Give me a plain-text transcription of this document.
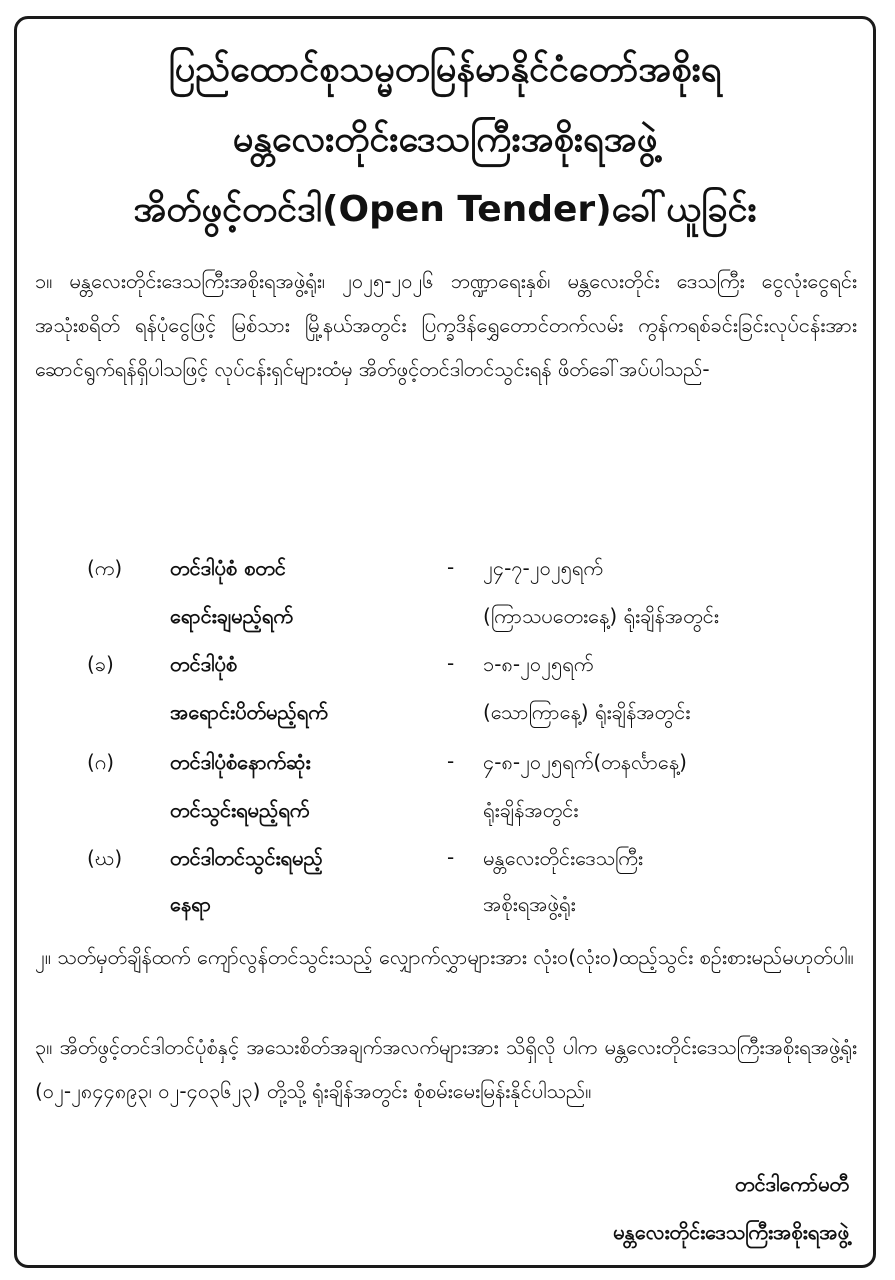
ပြည်ထောင်စုသမ္မတမြန်မာနိုင်ငံတော်အစိုးရ
မန္တလေးတိုင်းဒေသကြီးအစိုးရအဖွဲ့
အိတ်ဖွင့်တင်ဒါ(Open Tender)ခေါ်ယူခြင်း
၁။ မန္တလေးတိုင်းဒေသကြီးအစိုးရအဖွဲ့ရုံး၊ ၂၀၂၅-၂၀၂၆ ဘဏ္ဍာရေးနှစ်၊ မန္တလေးတိုင်း ဒေသကြီး ငွေလုံးငွေရင်းအသုံးစရိတ် ရန်ပုံငွေဖြင့် မြစ်သား မြို့နယ်အတွင်း ပြက္ခဒိန်ရွှေတောင်တက်လမ်း ကွန်ကရစ်ခင်းခြင်းလုပ်ငန်းအား ဆောင်ရွက်ရန်ရှိပါသဖြင့် လုပ်ငန်းရှင်များထံမှ အိတ်ဖွင့်တင်ဒါတင်သွင်းရန် ဖိတ်ခေါ်အပ်ပါသည်-
(က) တင်ဒါပုံစံ စတင်
ရောင်းချမည့်ရက်
- ၂၄-၇-၂၀၂၅ရက်
(ကြာသပတေးနေ့) ရုံးချိန်အတွင်း
(ခ)	တင်ဒါပုံစံ
အရောင်းပိတ်မည့်ရက်
- ၁-၈-၂၀၂၅ရက်
(သောကြာနေ့) ရုံးချိန်အတွင်း
(ဂ)	တင်ဒါပုံစံနောက်ဆုံး
တင်သွင်းရမည့်ရက်
- ၄-၈-၂၀၂၅ရက်(တနင်္လာနေ့)
ရုံးချိန်အတွင်း
(ဃ) တင်ဒါတင်သွင်းရမည့်
နေရာ
- မန္တလေးတိုင်းဒေသကြီး
အစိုးရအဖွဲ့ရုံး
၂။ သတ်မှတ်ချိန်ထက် ကျော်လွန်တင်သွင်းသည့် လျှောက်လွှာများအား လုံး၀(လုံး၀)ထည့်သွင်း စဉ်းစားမည်မဟုတ်ပါ။
၃။ အိတ်ဖွင့်တင်ဒါတင်ပုံစံနှင့် အသေးစိတ်အချက်အလက်များအား သိရှိလို ပါက မန္တလေးတိုင်းဒေသကြီးအစိုးရအဖွဲ့ရုံး (၀၂-၂၈၄၄၈၉၃၊ ၀၂-၄၀၃၆၂၃) တို့သို့ ရုံးချိန်အတွင်း စုံစမ်းမေးမြန်းနိုင်ပါသည်။
တင်ဒါကော်မတီ
မန္တလေးတိုင်းဒေသကြီးအစိုးရအဖွဲ့
